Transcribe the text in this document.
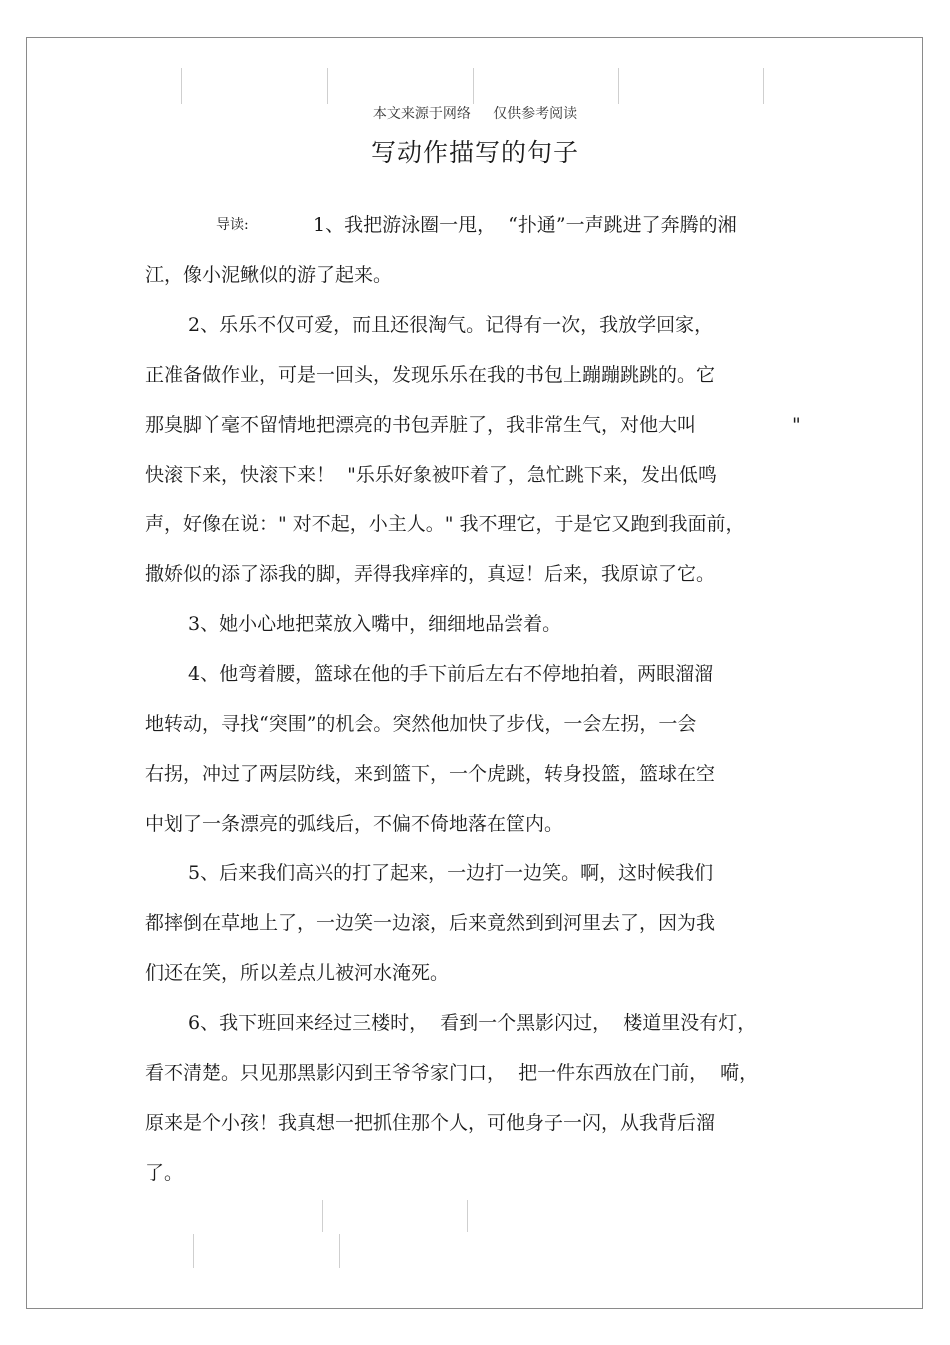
本文来源于网络     仅供参考阅读
写动作描写的句子
导读:	1、我把游泳圈一甩，  “扑通”一声跳进了奔腾的湘
江，像小泥鳅似的游了起来。
2、乐乐不仅可爱，而且还很淘气。记得有一次，我放学回家，
正准备做作业，可是一回头，发现乐乐在我的书包上蹦蹦跳跳的。它
那臭脚丫毫不留情地把漂亮的书包弄脏了，我非常生气，对他大叫	"
快滚下来，快滚下来！  "乐乐好象被吓着了，急忙跳下来，发出低鸣
声，好像在说：" 对不起，小主人。" 我不理它，于是它又跑到我面前，
撒娇似的添了添我的脚，弄得我痒痒的，真逗！后来，我原谅了它。
3、她小心地把菜放入嘴中，细细地品尝着。
4、他弯着腰，篮球在他的手下前后左右不停地拍着，两眼溜溜
地转动，寻找“突围”的机会。突然他加快了步伐，一会左拐，一会
右拐，冲过了两层防线，来到篮下，一个虎跳，转身投篮，篮球在空
中划了一条漂亮的弧线后，不偏不倚地落在筐内。
5、后来我们高兴的打了起来，一边打一边笑。啊，这时候我们
都摔倒在草地上了，一边笑一边滚，后来竟然到到河里去了，因为我
们还在笑，所以差点儿被河水淹死。
6、我下班回来经过三楼时，  看到一个黑影闪过，  楼道里没有灯，
看不清楚。只见那黑影闪到王爷爷家门口，  把一件东西放在门前，  嗬，
原来是个小孩！我真想一把抓住那个人，可他身子一闪，从我背后溜
了。
